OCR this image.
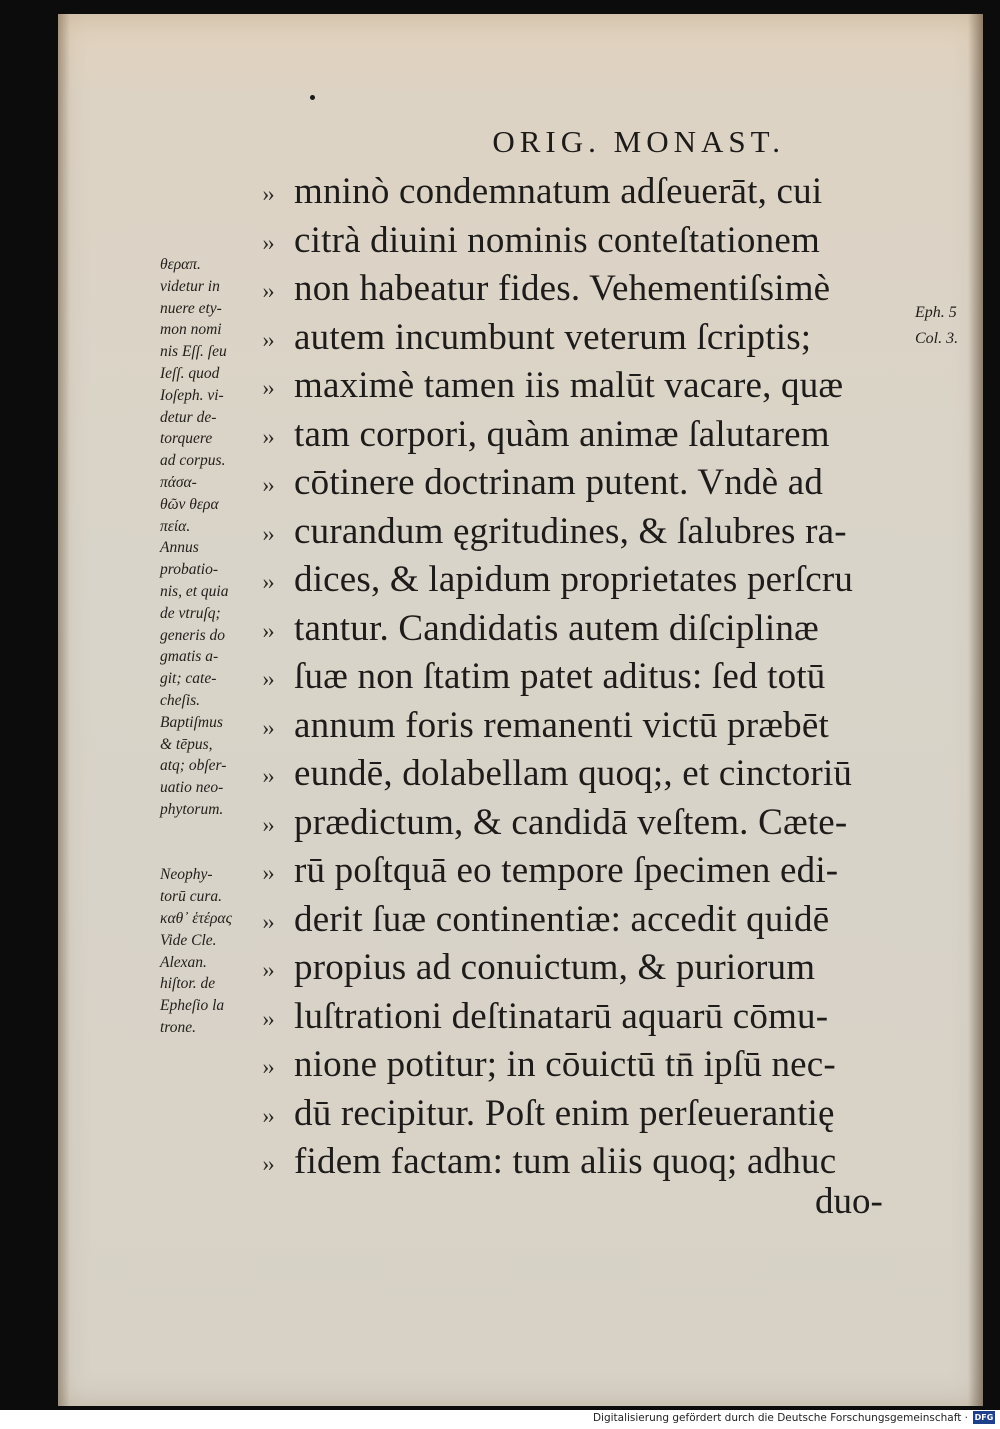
ORIG. MONAST.
›› mninò condemnatum adſeuerāt, cui
›› citrà diuini nominis conteſtationem
›› non habeatur fides. Vehementiſsimè
›› autem incumbunt veterum ſcriptis;
›› maximè tamen iis malūt vacare, quæ
›› tam corpori, quàm animæ ſalutarem
›› cōtinere doctrinam putent. Vndè ad
›› curandum ęgritudines, & ſalubres ra-
›› dices, & lapidum proprietates perſcru
›› tantur. Candidatis autem diſciplinæ
›› ſuæ non ſtatim patet aditus: ſed totū
›› annum foris remanenti victū præbēt
›› eundē, dolabellam quoq;, et cinctoriū
›› prædictum, & candidā veſtem. Cæte-
›› rū poſtquā eo tempore ſpecimen edi-
›› derit ſuæ continentiæ: accedit quidē
›› propius ad conuictum, & puriorum
›› luſtrationi deſtinatarū aquarū cōmu-
›› nione potitur; in cōuictū tn̄ ipſū nec-
›› dū recipitur. Poſt enim perſeuerantię
›› fidem factam: tum aliis quoq; adhuc
duo-
θεραπ.
videtur in
nuere ety-
mon nomi
nis Eſſ. ſeu
Ieſſ. quod
Ioſeph. vi-
detur de-
torquere
ad corpus.
πάσα-
θῶν θερα
πεία.
Annus
probatio-
nis, et quia
de vtruſq;
generis do
gmatis a-
git; cate-
cheſis.
Baptiſmus
& tēpus,
atq; obſer-
uatio neo-
phytorum.
Neophy-
torū cura.
καθ᾽ ἑτέρας
Vide Cle.
Alexan.
hiſtor. de
Epheſio la
trone.
Eph. 5
Col. 3.
Digitalisierung gefördert durch die Deutsche Forschungsgemeinschaft · DFG
